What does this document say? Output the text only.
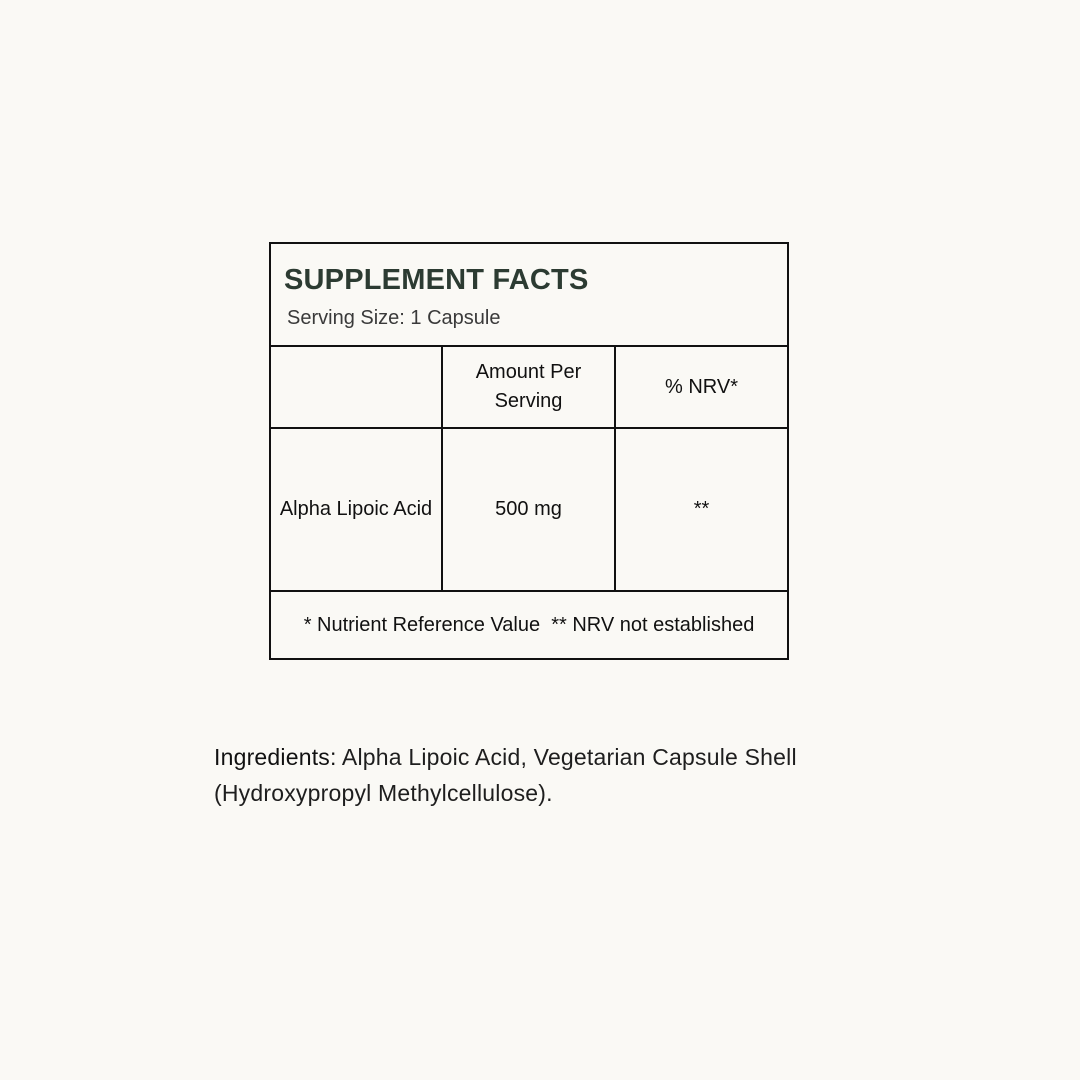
SUPPLEMENT FACTS
Serving Size: 1 Capsule
Amount Per Serving
% NRV*
Alpha Lipoic Acid	500 mg	**
* Nutrient Reference Value  ** NRV not established
Ingredients: Alpha Lipoic Acid, Vegetarian Capsule Shell (Hydroxypropyl Methylcellulose).
